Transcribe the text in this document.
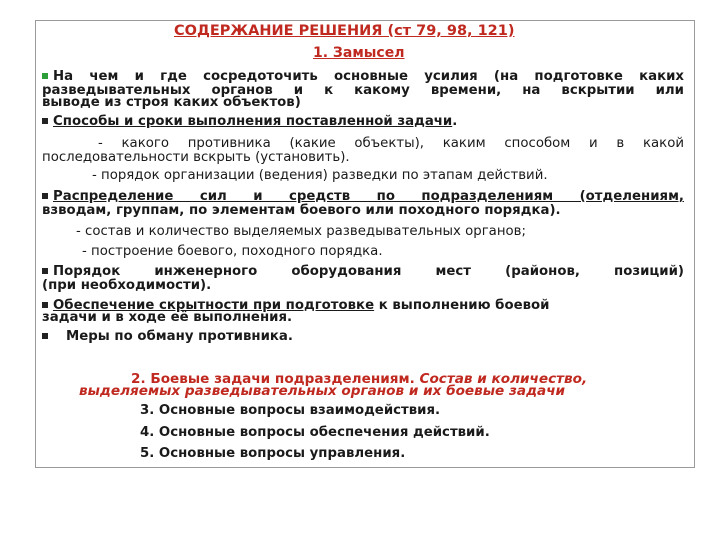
СОДЕРЖАНИЕ РЕШЕНИЯ (ст 79, 98, 121)
1. Замысел
На чем и где сосредоточить основные усилия (на подготовке каких
разведывательных органов и к какому времени, на вскрытии или
выводе из строя каких объектов)
Способы и сроки выполнения поставленной задачи.
- какого противника (какие объекты), каким способом и в какой
последовательности вскрыть (установить).
- порядок организации (ведения) разведки по этапам действий.
Распределение сил и средств по подразделениям (отделениям,
взводам, группам, по элементам боевого или походного порядка).
- состав и количество выделяемых разведывательных органов;
- построение боевого, походного порядка.
Порядок инженерного оборудования мест (районов, позиций)
(при необходимости).
Обеспечение скрытности при подготовке к выполнению боевой
задачи и в ходе её выполнения.
Меры по обману противника.
2. Боевые задачи подразделениям. Состав и количество,
выделяемых разведывательных органов и их боевые задачи
3. Основные вопросы взаимодействия.
4. Основные вопросы обеспечения действий.
5. Основные вопросы управления.
